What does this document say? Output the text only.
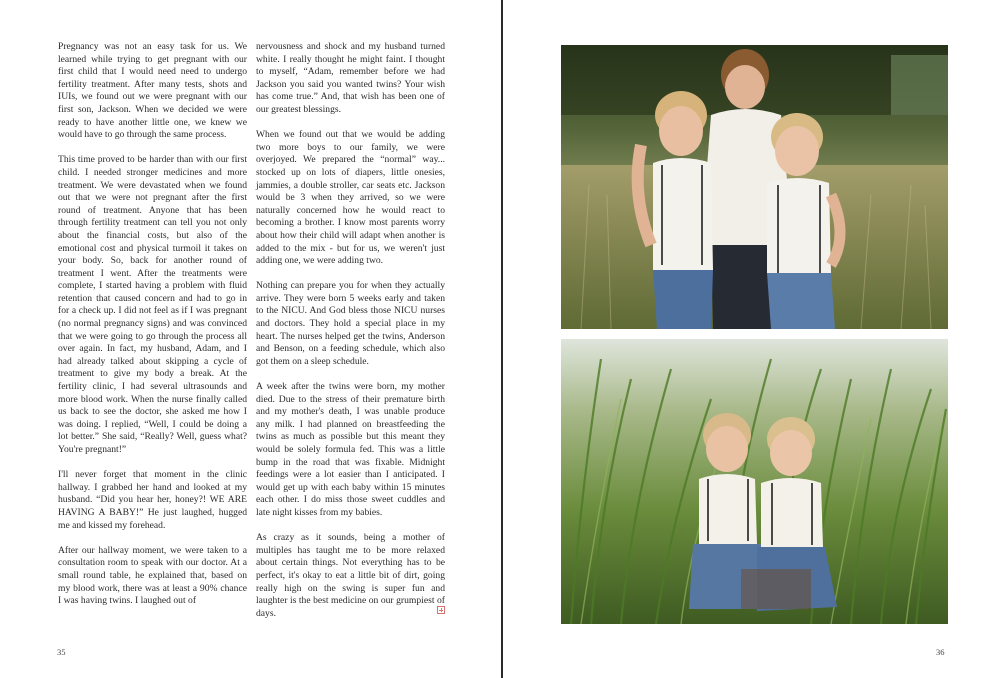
Pregnancy was not an easy task for us. We learned while trying to get pregnant with our first child that I would need need to undergo fertility treatment. After many tests, shots and IUIs, we found out we were pregnant with our first son, Jackson. When we decided we were ready to have another little one, we knew we would have to go through the same process.

This time proved to be harder than with our first child. I needed stronger medicines and more treatment. We were devastated when we found out that we were not pregnant after the first round of treatment. Anyone that has been through fertility treatment can tell you not only about the financial costs, but also of the emotional cost and physical turmoil it takes on your body. So, back for another round of treatment I went. After the treatments were complete, I started having a problem with fluid retention that caused concern and had to go in for a check up. I did not feel as if I was pregnant (no normal pregnancy signs) and was convinced that we were going to go through the process all over again. In fact, my husband, Adam, and I had already talked about skipping a cycle of treatment to give my body a break. At the fertility clinic, I had several ultrasounds and more blood work. When the nurse finally called us back to see the doctor, she asked me how I was doing. I replied, “Well, I could be doing a lot better.” She said, “Really? Well, guess what? You're pregnant!”

I'll never forget that moment in the clinic hallway. I grabbed her hand and looked at my husband. “Did you hear her, honey?! WE ARE HAVING A BABY!” He just laughed, hugged me and kissed my forehead.

After our hallway moment, we were taken to a consultation room to speak with our doctor. At a small round table, he explained that, based on my blood work, there was at least a 90% chance I was having twins. I laughed out of

nervousness and shock and my husband turned white. I really thought he might faint. I thought to myself, “Adam, remember before we had Jackson you said you wanted twins? Your wish has come true.” And, that wish has been one of our greatest blessings.

When we found out that we would be adding two more boys to our family, we were overjoyed. We prepared the “normal” way... stocked up on lots of diapers, little onesies, jammies, a double stroller, car seats etc. Jackson would be 3 when they arrived, so we were naturally concerned how he would react to becoming a brother. I know most parents worry about how their child will adapt when another is added to the mix - but for us, we weren't just adding one, we were adding two.

Nothing can prepare you for when they actually arrive. They were born 5 weeks early and taken to the NICU. And God bless those NICU nurses and doctors. They hold a special place in my heart. The nurses helped get the twins, Anderson and Benson, on a feeding schedule, which also got them on a sleep schedule.

A week after the twins were born, my mother died. Due to the stress of their premature birth and my mother's death, I was unable produce any milk. I had planned on breastfeeding the twins as much as possible but this meant they would be solely formula fed. This was a little bump in the road that was fixable. Midnight feedings were a lot easier than I anticipated. I would get up with each baby within 15 minutes each other. I do miss those sweet cuddles and late night kisses from my babies.

As crazy as it sounds, being a mother of multiples has taught me to be more relaxed about certain things. Not everything has to be perfect, it's okay to eat a little bit of dirt, going really high on the swing is super fun and laughter is the best medicine on our grumpiest of days.

35	36
